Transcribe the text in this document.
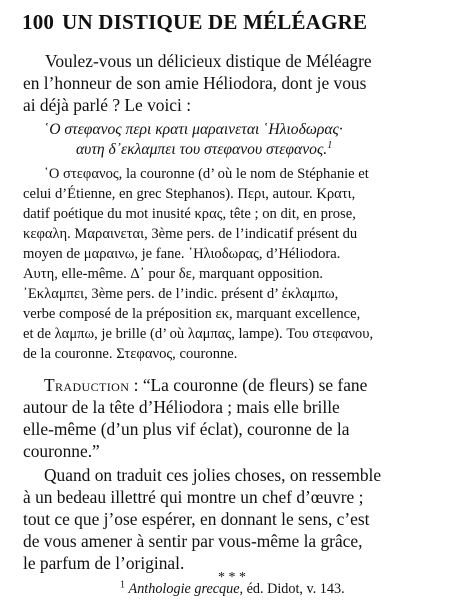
100 UN DISTIQUE DE MÉLÉAGRE
Voulez-vous un délicieux distique de Méléagre
en l’honneur de son amie Héliodora, dont je vous
ai déjà parlé ? Le voici :
῾Ο στεφανος περι κρατι μαραινεται ῾Ηλιοδωρας·
αυτη δ᾽εκλαμπει του στεφανου στεφανος.$^1$
῾Ο στεφανος, la couronne (d’ où le nom de Stéphanie et
celui d’Étienne, en grec Stephanos). Περι, autour. Κρατι,
datif poétique du mot inusité κρας, tête ; on dit, en prose,
κεφαλη. Μαραινεται, 3ème pers. de l’indicatif présent du
moyen de μαραινω, je fane. ῾Ηλιοδωρας, d’Héliodora.
Αυτη, elle-même. Δ᾽ pour δε, marquant opposition.
᾽Εκλαμπει, 3ème pers. de l’indic. présent d’ ἐκλαμπω,
verbe composé de la préposition εκ, marquant excellence,
et de λαμπω, je brille (d’ où λαμπας, lampe). Του στεφανου,
de la couronne. Στεφανος, couronne.
Traduction : “La couronne (de fleurs) se fane
autour de la tête d’Héliodora ; mais elle brille
elle-même (d’un plus vif éclat), couronne de la
couronne.”
Quand on traduit ces jolies choses, on ressemble
à un bedeau illettré qui montre un chef d’œuvre ;
tout ce que j’ose espérer, en donnant le sens, c’est
de vous amener à sentir par vous-même la grâce,
le parfum de l’original.
* * *
$^1$ Anthologie grecque, éd. Didot, v. 143.
